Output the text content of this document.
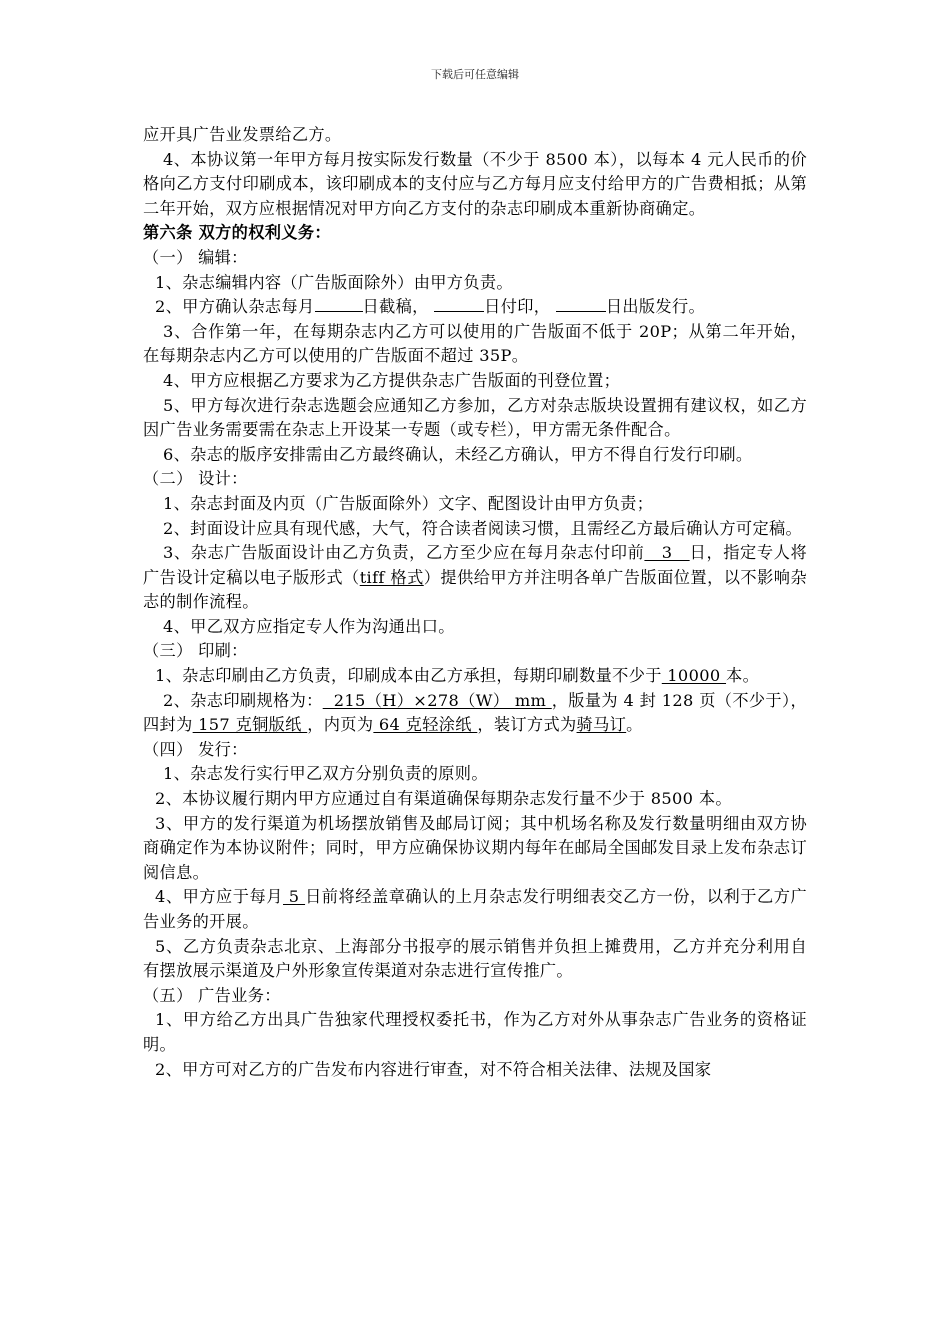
下载后可任意编辑

应开具广告业发票给乙方。

4、本协议第一年甲方每月按实际发行数量（不少于 8500 本），以每本 4 元人民币的价格向乙方支付印刷成本，该印刷成本的支付应与乙方每月应支付给甲方的广告费相抵；从第二年开始，双方应根据情况对甲方向乙方支付的杂志印刷成本重新协商确定。

第六条 双方的权利义务：

（一） 编辑：

1、杂志编辑内容（广告版面除外）由甲方负责。

2、甲方确认杂志每月	日截稿，	日付印，	日出版发行。

3、合作第一年，在每期杂志内乙方可以使用的广告版面不低于 20P；从第二年开始，在每期杂志内乙方可以使用的广告版面不超过 35P。

4、甲方应根据乙方要求为乙方提供杂志广告版面的刊登位置；

5、甲方每次进行杂志选题会应通知乙方参加，乙方对杂志版块设置拥有建议权，如乙方因广告业务需要需在杂志上开设某一专题（或专栏），甲方需无条件配合。

6、杂志的版序安排需由乙方最终确认，未经乙方确认，甲方不得自行发行印刷。

（二） 设计：

1、杂志封面及内页（广告版面除外）文字、配图设计由甲方负责；

2、封面设计应具有现代感，大气，符合读者阅读习惯，且需经乙方最后确认方可定稿。

3、杂志广告版面设计由乙方负责，乙方至少应在每月杂志付印前   3   日，指定专人将广告设计定稿以电子版形式（tiff 格式）提供给甲方并注明各单广告版面位置，以不影响杂志的制作流程。

4、甲乙双方应指定专人作为沟通出口。

（三） 印刷：

1、杂志印刷由乙方负责，印刷成本由乙方承担，每期印刷数量不少于 10000 本。

2、杂志印刷规格为：  215（H）×278（W） mm ，版量为 4 封 128 页（不少于），四封为 157 克铜版纸 ，内页为 64 克轻涂纸 ，装订方式为骑马订。

（四） 发行：

1、杂志发行实行甲乙双方分别负责的原则。

2、本协议履行期内甲方应通过自有渠道确保每期杂志发行量不少于 8500 本。

3、甲方的发行渠道为机场摆放销售及邮局订阅；其中机场名称及发行数量明细由双方协商确定作为本协议附件；同时，甲方应确保协议期内每年在邮局全国邮发目录上发布杂志订阅信息。

4、甲方应于每月 5 日前将经盖章确认的上月杂志发行明细表交乙方一份，以利于乙方广告业务的开展。

5、乙方负责杂志北京、上海部分书报亭的展示销售并负担上摊费用，乙方并充分利用自有摆放展示渠道及户外形象宣传渠道对杂志进行宣传推广。

（五） 广告业务：

1、甲方给乙方出具广告独家代理授权委托书，作为乙方对外从事杂志广告业务的资格证明。

2、甲方可对乙方的广告发布内容进行审查，对不符合相关法律、法规及国家
